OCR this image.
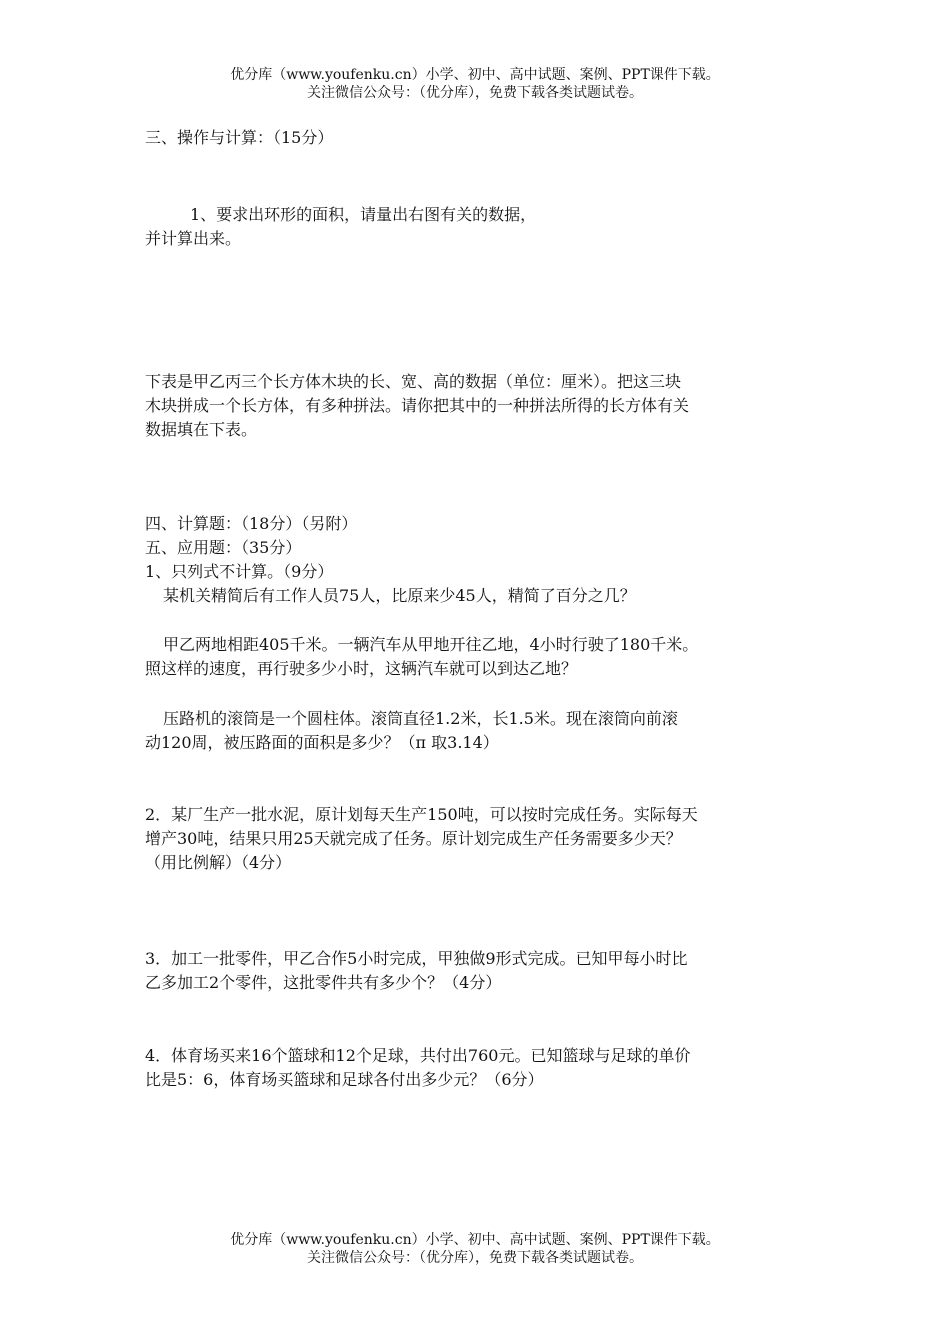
优分库（www.youfenku.cn）小学、初中、高中试题、案例、PPT课件下载。
关注微信公众号：（优分库），免费下载各类试题试卷。
三、操作与计算：（15分）
1、要求出环形的面积，请量出右图有关的数据，
并计算出来。
下表是甲乙丙三个长方体木块的长、宽、高的数据（单位：厘米）。把这三块
木块拼成一个长方体，有多种拼法。请你把其中的一种拼法所得的长方体有关
数据填在下表。
四、计算题：（18分）（另附）
五、应用题：（35分）
1、只列式不计算。（9分）
某机关精简后有工作人员75人，比原来少45人，精简了百分之几？
甲乙两地相距405千米。一辆汽车从甲地开往乙地，4小时行驶了180千米。
照这样的速度，再行驶多少小时，这辆汽车就可以到达乙地？
压路机的滚筒是一个圆柱体。滚筒直径1.2米，长1.5米。现在滚筒向前滚
动120周，被压路面的面积是多少？（π 取3.14）
2．某厂生产一批水泥，原计划每天生产150吨，可以按时完成任务。实际每天
增产30吨，结果只用25天就完成了任务。原计划完成生产任务需要多少天？
（用比例解）（4分）
3．加工一批零件，甲乙合作5小时完成，甲独做9形式完成。已知甲每小时比
乙多加工2个零件，这批零件共有多少个？（4分）
4．体育场买来16个篮球和12个足球，共付出760元。已知篮球与足球的单价
比是5：6，体育场买篮球和足球各付出多少元？（6分）
优分库（www.youfenku.cn）小学、初中、高中试题、案例、PPT课件下载。
关注微信公众号：（优分库），免费下载各类试题试卷。
